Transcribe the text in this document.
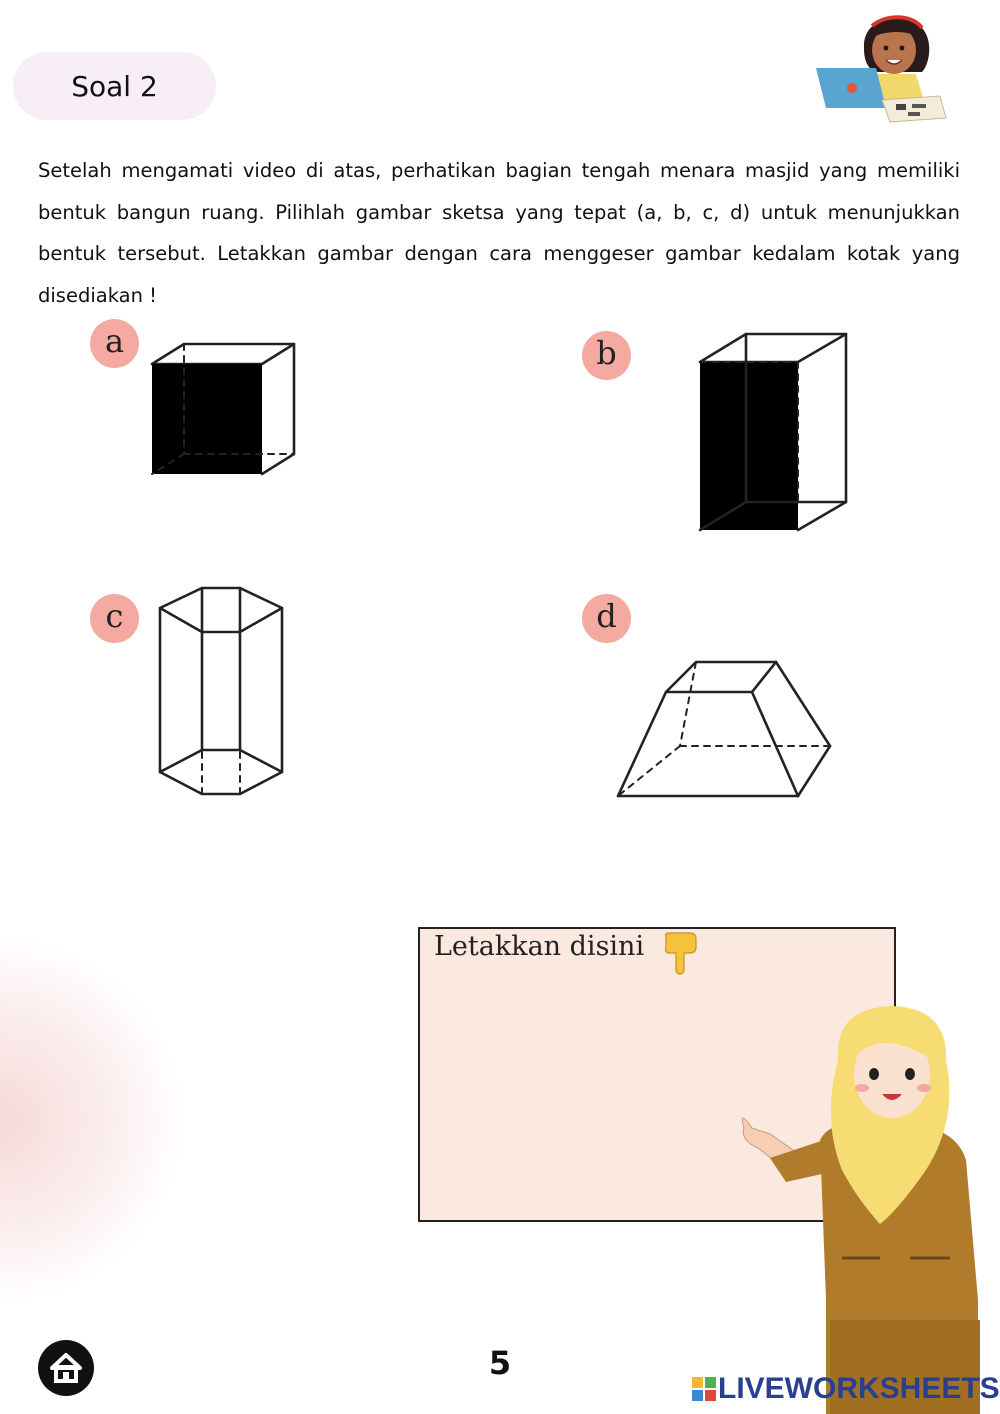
Soal 2

Setelah mengamati video di atas, perhatikan bagian tengah menara masjid yang memiliki bentuk bangun ruang. Pilihlah gambar sketsa yang tepat (a, b, c, d) untuk menunjukkan bentuk tersebut. Letakkan gambar dengan cara menggeser gambar kedalam kotak yang disediakan !

a	b
c	d
Letakkan disini
5
LIVEWORKSHEETS
